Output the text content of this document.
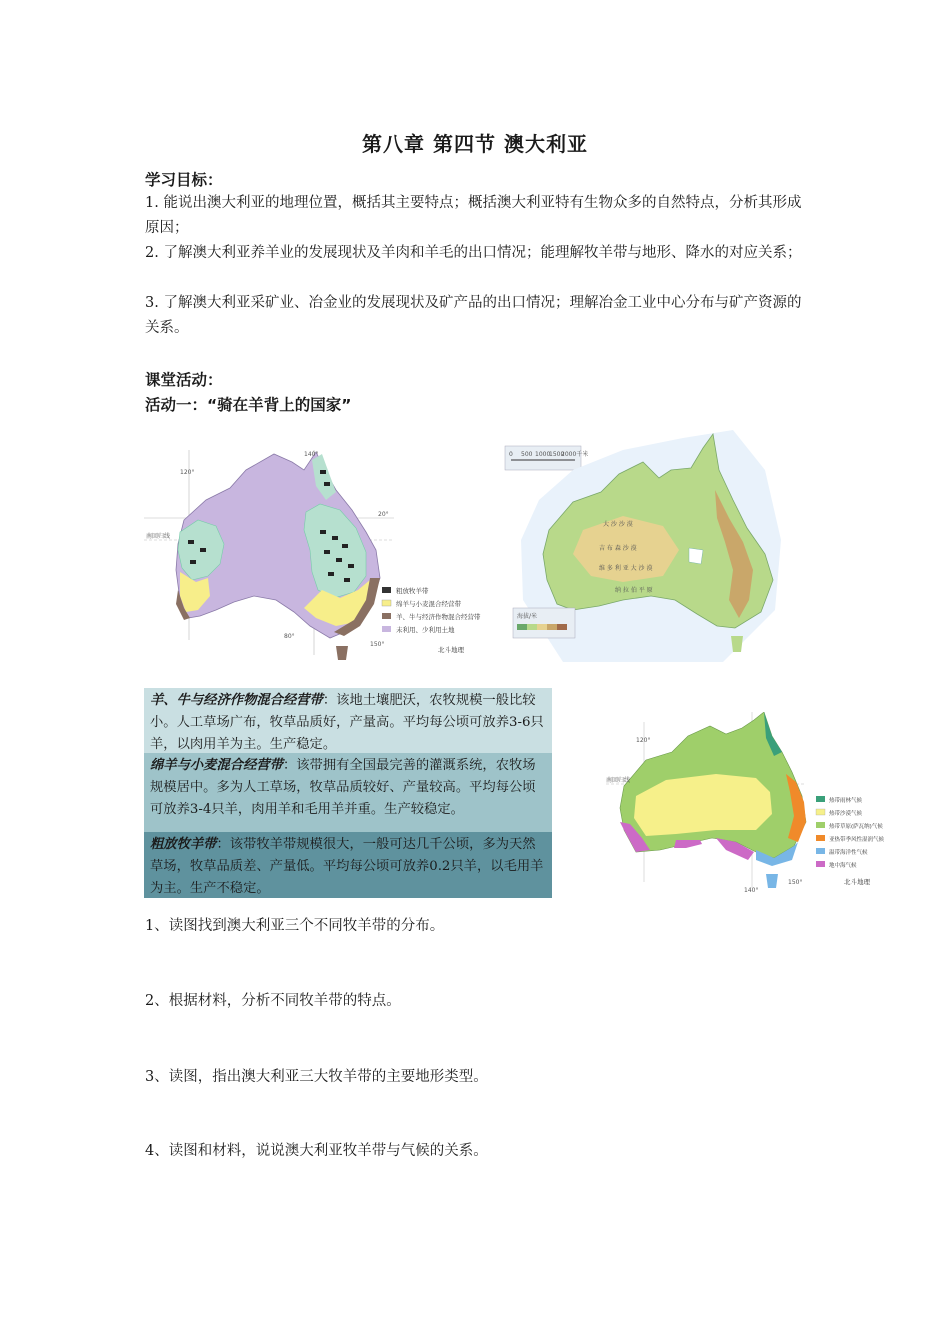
第八章 第四节 澳大利亚
学习目标：
1. 能说出澳大利亚的地理位置，概括其主要特点；概括澳大利亚特有生物众多的自然特点，分析其形成原因；
2. 了解澳大利亚养羊业的发展现状及羊肉和羊毛的出口情况；能理解牧羊带与地形、降水的对应关系；
3. 了解澳大利亚采矿业、冶金业的发展现状及矿产品的出口情况；理解冶金工业中心分布与矿产资源的关系。
课堂活动：
活动一：“骑在羊背上的国家”
粗放牧羊带
绵羊与小麦混合经营带
羊、牛与经济作物混合经营带
未利用、少利用土地
120°
140°
20°
南回归线
80°
150°
北斗地理
0 500 1000
1500
2000千米
大 沙 沙 漠
吉 布 森 沙 漠
维 多 利 亚 大 沙 漠
纳 拉 伯 平 原
海拔/米
羊、牛与经济作物混合经营带：该地土壤肥沃，农牧规模一般比较小。人工草场广布，牧草品质好，产量高。平均每公顷可放养3-6只羊，以肉用羊为主。生产稳定。
绵羊与小麦混合经营带：该带拥有全国最完善的灌溉系统，农牧场规模居中。多为人工草场，牧草品质较好、产量较高。平均每公顷可放养3-4只羊，肉用羊和毛用羊并重。生产较稳定。
粗放牧羊带：该带牧羊带规模很大，一般可达几千公顷，多为天然草场，牧草品质差、产量低。平均每公顷可放养0.2只羊，以毛用羊为主。生产不稳定。
热带雨林气候
热带沙漠气候
热带草原(萨瓦纳)气候
亚热带季风性湿润气候
温带海洋性气候
地中海气候
120°
140°
150°
南回归线
北斗地理
1、读图找到澳大利亚三个不同牧羊带的分布。
2、根据材料，分析不同牧羊带的特点。
3、读图，指出澳大利亚三大牧羊带的主要地形类型。
4、读图和材料，说说澳大利亚牧羊带与气候的关系。
